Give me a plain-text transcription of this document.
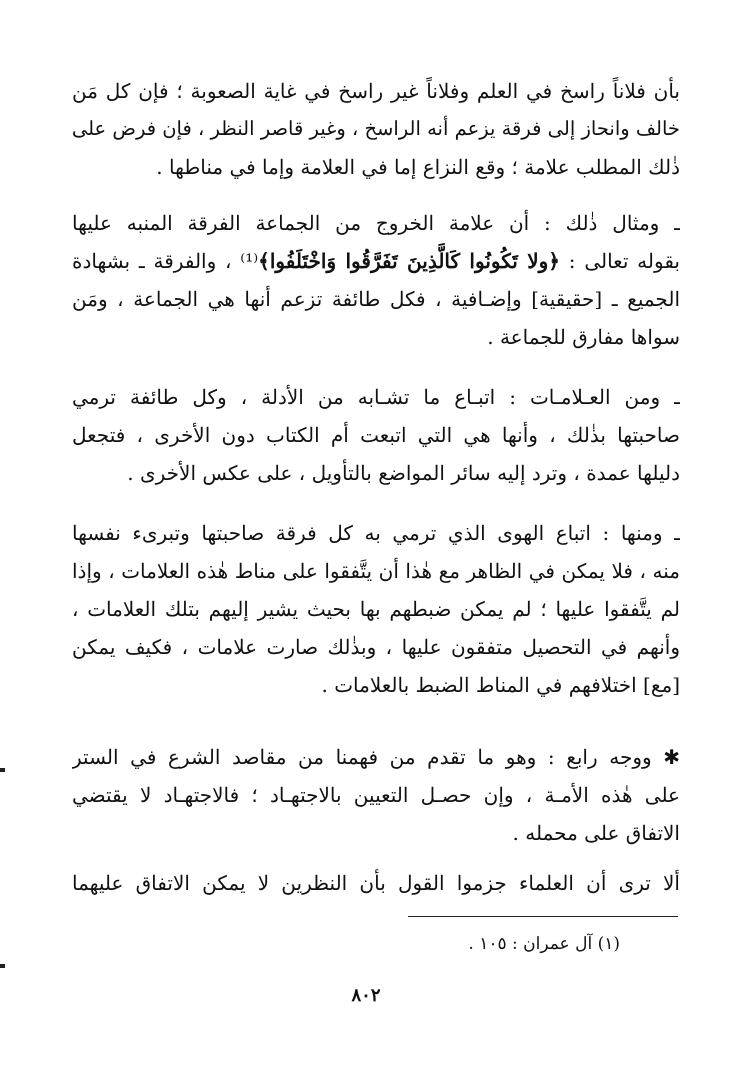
بأن فلاناً راسخ في العلم وفلاناً غير راسخ في غاية الصعوبة ؛ فإن كل مَن
خالف وانحاز إلى فرقة يزعم أنه الراسخ ، وغير قاصر النظر ، فإن فرض على
ذٰلك المطلب علامة ؛ وقع النزاع إما في العلامة وإما في مناطها .
ـ ومثال ذٰلك : أن علامة الخروج من الجماعة الفرقة المنبه عليها
بقوله تعالى : ﴿ولا تَكُونُوا كَالَّذِينَ تَفَرَّقُوا وَاخْتَلَفُوا﴾⁽¹⁾ ، والفرقة ـ بشهادة
الجميع ـ [حقيقية] وإضـافية ، فكل طائفة تزعم أنها هي الجماعة ، ومَن
سواها مفارق للجماعة .
ـ ومن العـلامـات : اتبـاع ما تشـابه من الأدلة ، وكل طائفة ترمي
صاحبتها بذٰلك ، وأنها هي التي اتبعت أم الكتاب دون الأخرى ، فتجعل
دليلها عمدة ، وترد إليه سائر المواضع بالتأويل ، على عكس الأخرى .
ـ ومنها : اتباع الهوى الذي ترمي به كل فرقة صاحبتها وتبرىء نفسها
منه ، فلا يمكن في الظاهر مع هٰذا أن يتَّفقوا على مناط هٰذه العلامات ، وإذا
لم يتَّفقوا عليها ؛ لم يمكن ضبطهم بها بحيث يشير إليهم بتلك العلامات ،
وأنهم في التحصيل متفقون عليها ، وبذٰلك صارت علامات ، فكيف يمكن
[مع] اختلافهم في المناط الضبط بالعلامات .
✱ ووجه رابع : وهو ما تقدم من فهمنا من مقاصد الشرع في الستر
على هٰذه الأمـة ، وإن حصـل التعيين بالاجتهـاد ؛ فالاجتهـاد لا يقتضي
الاتفاق على محمله .
ألا ترى أن العلماء جزموا القول بأن النظرين لا يمكن الاتفاق عليهما
(١) آل عمران : ١٠٥ .
٨٠٢
